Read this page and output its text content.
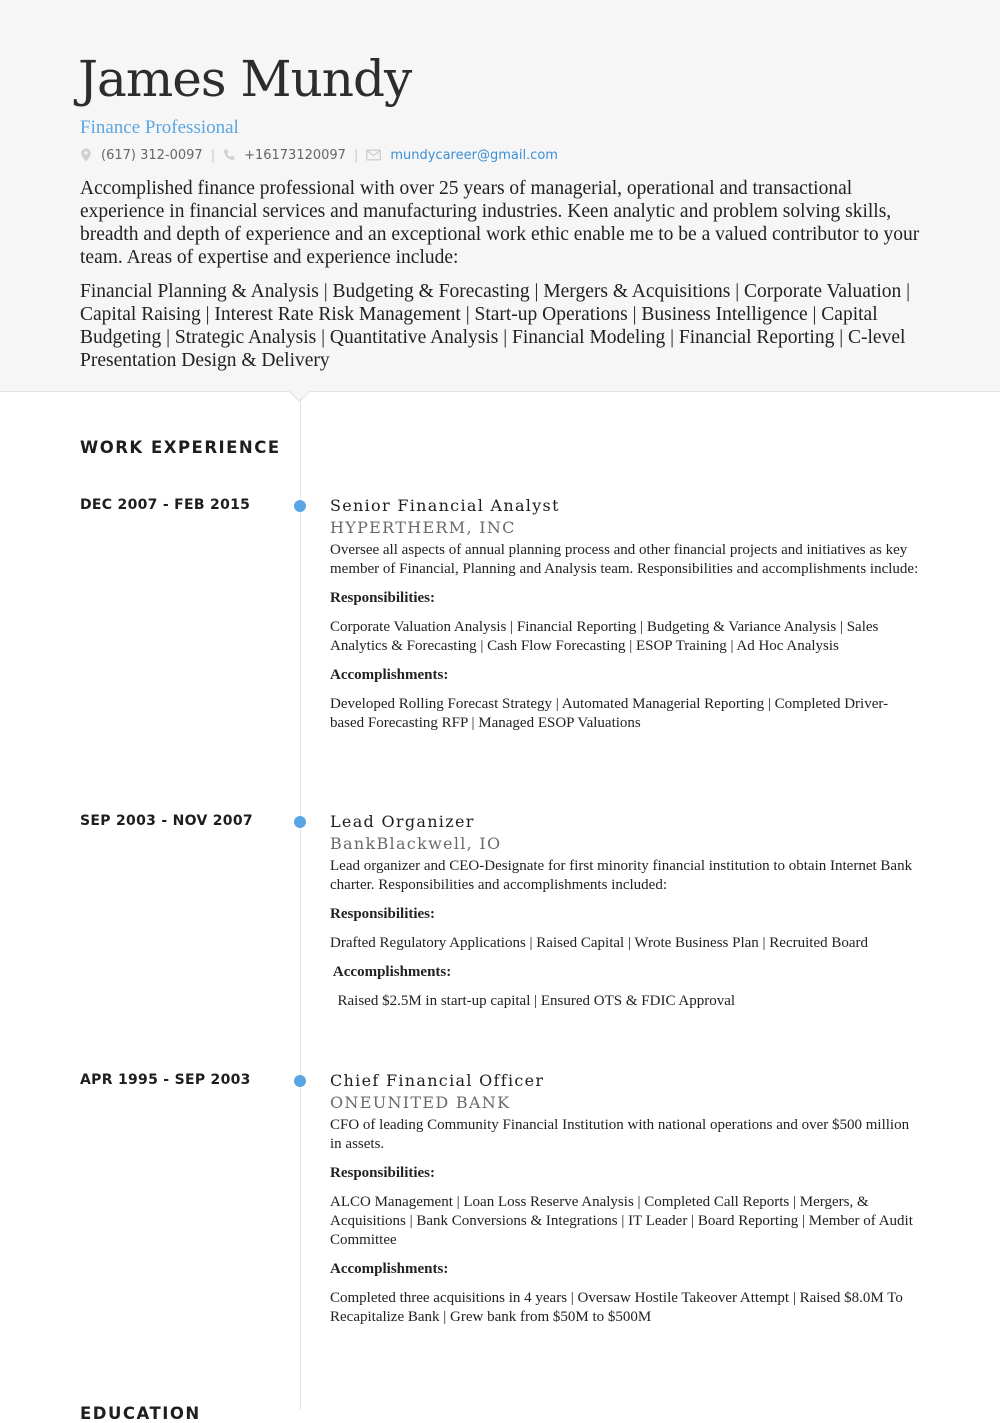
James Mundy

Finance Professional

(617) 312-0097 | +16173120097 | mundycareer@gmail.com

Accomplished finance professional with over 25 years of managerial, operational and transactional experience in financial services and manufacturing industries. Keen analytic and problem solving skills, breadth and depth of experience and an exceptional work ethic enable me to be a valued contributor to your team. Areas of expertise and experience include:

Financial Planning & Analysis | Budgeting & Forecasting | Mergers & Acquisitions | Corporate Valuation | Capital Raising | Interest Rate Risk Management | Start-up Operations | Business Intelligence | Capital Budgeting | Strategic Analysis | Quantitative Analysis | Financial Modeling | Financial Reporting | C-level Presentation Design & Delivery

WORK EXPERIENCE
DEC 2007 - FEB 2015	Senior Financial Analyst

HYPERTHERM, INC

Oversee all aspects of annual planning process and other financial projects and initiatives as key member of Financial, Planning and Analysis team. Responsibilities and accomplishments include:

Responsibilities:

Corporate Valuation Analysis | Financial Reporting | Budgeting & Variance Analysis | Sales Analytics & Forecasting | Cash Flow Forecasting | ESOP Training | Ad Hoc Analysis

Accomplishments:

Developed Rolling Forecast Strategy | Automated Managerial Reporting | Completed Driver-based Forecasting RFP | Managed ESOP Valuations

SEP 2003 - NOV 2007	Lead Organizer

BankBlackwell, IO

Lead organizer and CEO-Designate for first minority financial institution to obtain Internet Bank charter. Responsibilities and accomplishments included:

Responsibilities:

Drafted Regulatory Applications | Raised Capital | Wrote Business Plan | Recruited Board

Accomplishments:

Raised $2.5M in start-up capital | Ensured OTS & FDIC Approval

APR 1995 - SEP 2003	Chief Financial Officer

ONEUNITED BANK

CFO of leading Community Financial Institution with national operations and over $500 million in assets.

Responsibilities:

ALCO Management | Loan Loss Reserve Analysis | Completed Call Reports | Mergers, & Acquisitions | Bank Conversions & Integrations | IT Leader | Board Reporting | Member of Audit Committee

Accomplishments:

Completed three acquisitions in 4 years | Oversaw Hostile Takeover Attempt | Raised $8.0M To Recapitalize Bank | Grew bank from $50M to $500M

EDUCATION
